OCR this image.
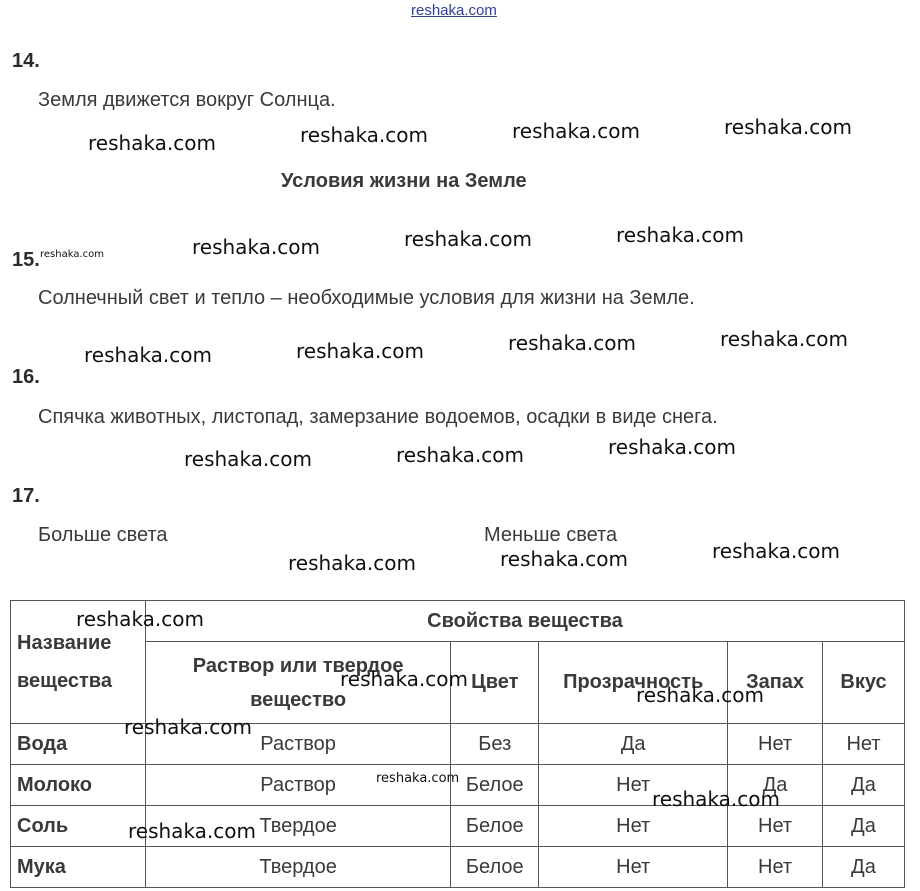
reshaka.com
14.
Земля движется вокруг Солнца.
Условия жизни на Земле
15.
Солнечный свет и тепло – необходимые условия для жизни на Земле.
16.
Спячка животных, листопад, замерзание водоемов, осадки в виде снега.
17.
Больше света	Меньше света
Название вещества	Свойства вещества				
	Раствор или твердое вещество	Цвет	Прозрачность	Запах	Вкус
Вода	Раствор	Без	Да	Нет	Нет
Молоко	Раствор	Белое	Нет	Да	Да
Соль	Твердое	Белое	Нет	Нет	Да
Мука	Твердое	Белое	Нет	Нет	Да
reshaka.com	reshaka.com	reshaka.com	reshaka.com
reshaka.com	reshaka.com	reshaka.com	reshaka.com
reshaka.com	reshaka.com	reshaka.com	reshaka.com
reshaka.com	reshaka.com	reshaka.com
reshaka.com	reshaka.com	reshaka.com
reshaka.com
reshaka.com
reshaka.com
reshaka.com
reshaka.com
reshaka.com
reshaka.com
